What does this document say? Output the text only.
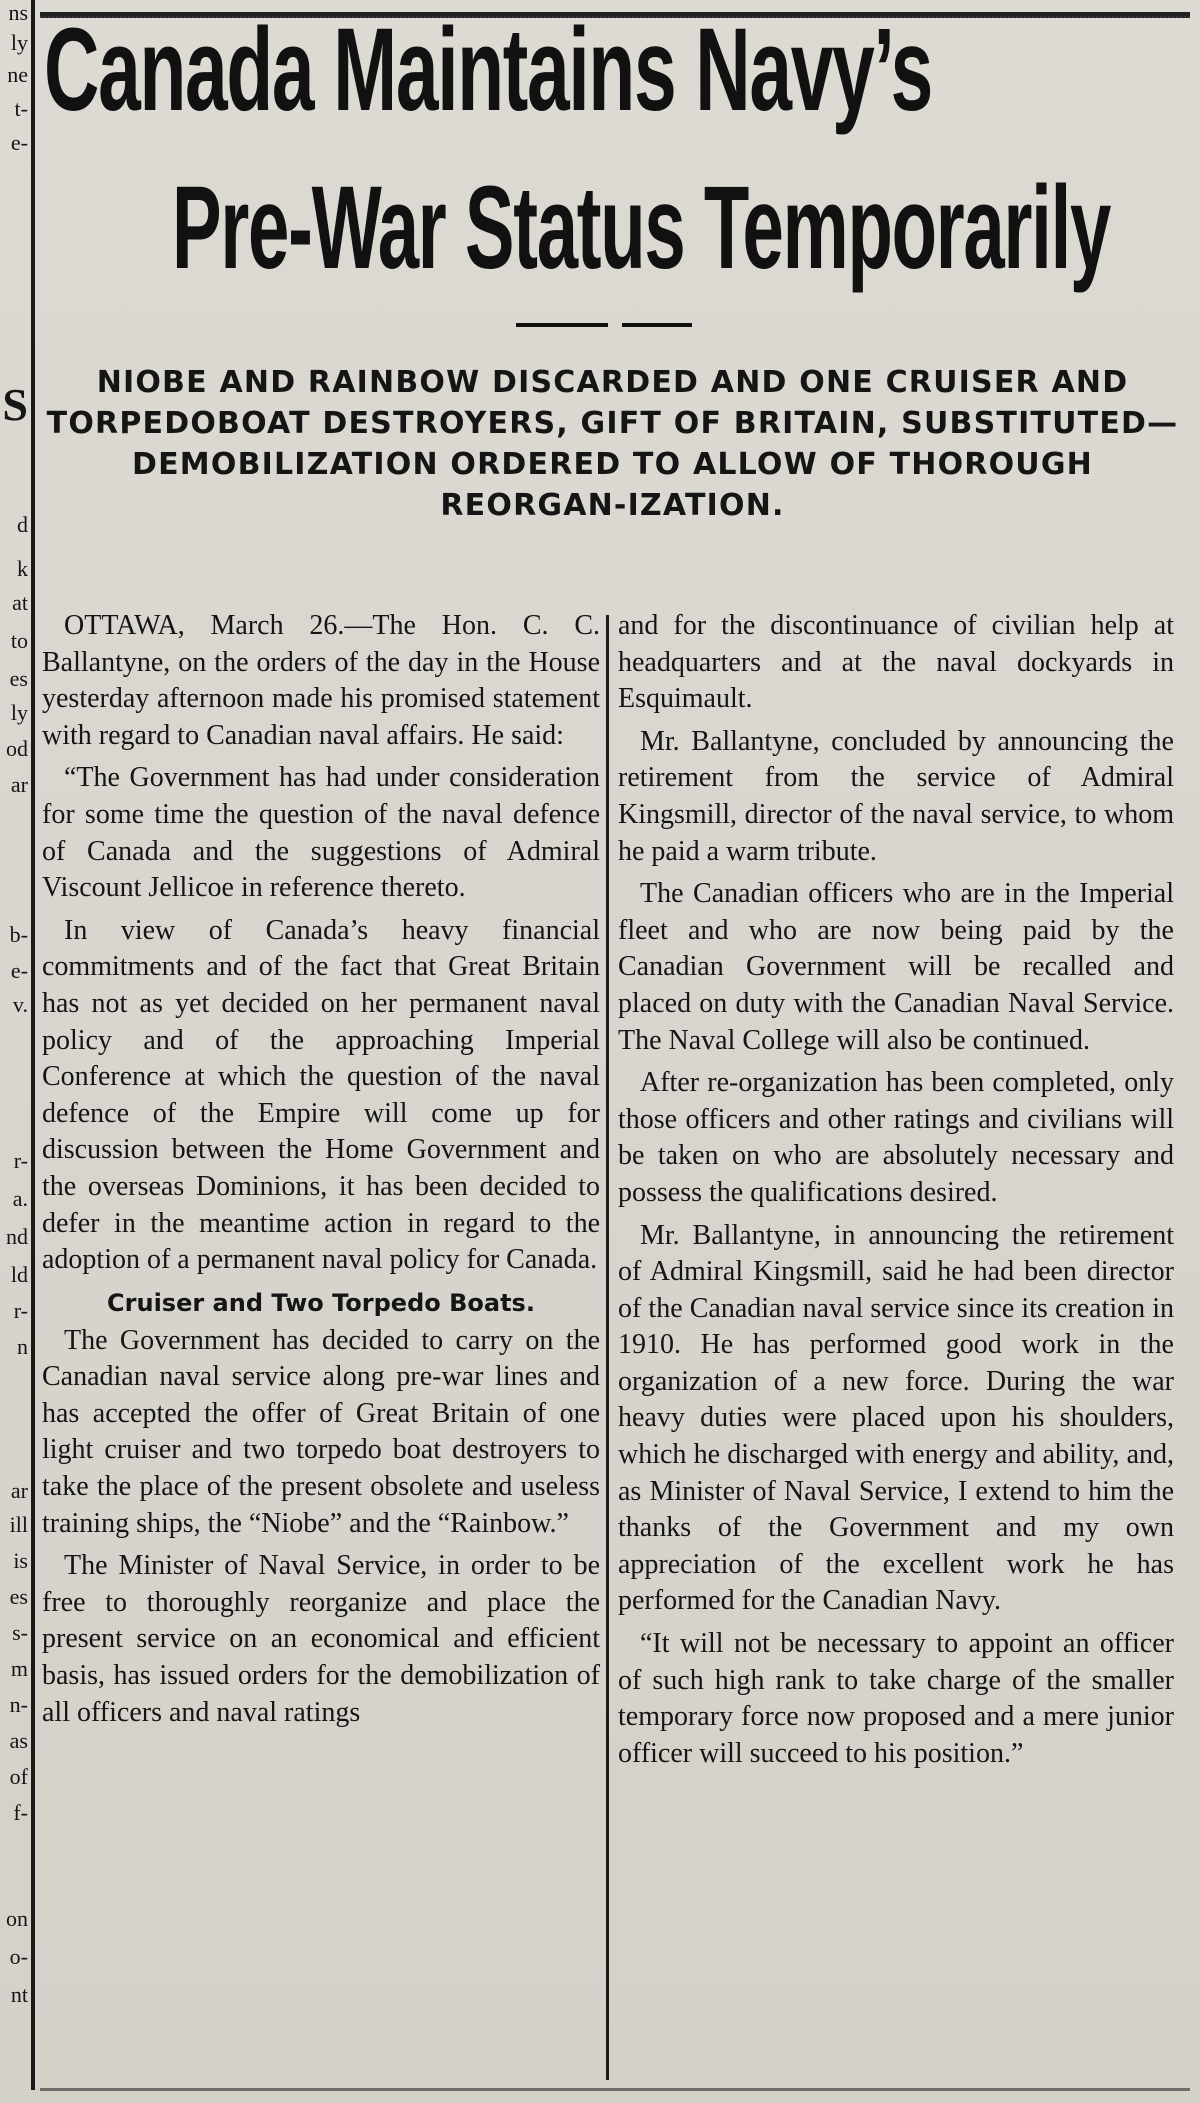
ns
ly
ne
t-
e-
S
d
k
at
to
es
ly
od
ar
b-
e-
v.
r-
a.
nd
ld
r-
n
ar
ill
is
es
s-
m
n-
as
of
f-
on
o-
nt
Canada Maintains Navy’s
Pre-War Status Temporarily

NIOBE AND RAINBOW DISCARDED AND ONE CRUISER AND TORPEDOBOAT DESTROYERS, GIFT OF BRITAIN, SUBSTITUTED—DEMOBILIZATION ORDERED TO ALLOW OF THOROUGH REORGAN-IZATION.

OTTAWA, March 26.—The Hon. C. C. Ballantyne, on the orders of the day in the House yesterday afternoon made his promised statement with regard to Canadian naval affairs. He said:

“The Government has had under consideration for some time the question of the naval defence of Canada and the suggestions of Admiral Viscount Jellicoe in reference thereto.

In view of Canada’s heavy financial commitments and of the fact that Great Britain has not as yet decided on her permanent naval policy and of the approaching Imperial Conference at which the question of the naval defence of the Empire will come up for discussion between the Home Government and the overseas Dominions, it has been decided to defer in the meantime action in regard to the adoption of a permanent naval policy for Canada.

Cruiser and Two Torpedo Boats.

The Government has decided to carry on the Canadian naval service along pre-war lines and has accepted the offer of Great Britain of one light cruiser and two torpedo boat destroyers to take the place of the present obsolete and useless training ships, the “Niobe” and the “Rainbow.”

The Minister of Naval Service, in order to be free to thoroughly reorganize and place the present service on an economical and efficient basis, has issued orders for the demobilization of all officers and naval ratings

and for the discontinuance of civilian help at headquarters and at the naval dockyards in Esquimault.

Mr. Ballantyne, concluded by announcing the retirement from the service of Admiral Kingsmill, director of the naval service, to whom he paid a warm tribute.

The Canadian officers who are in the Imperial fleet and who are now being paid by the Canadian Government will be recalled and placed on duty with the Canadian Naval Service. The Naval College will also be continued.

After re-organization has been completed, only those officers and other ratings and civilians will be taken on who are absolutely necessary and possess the qualifications desired.

Mr. Ballantyne, in announcing the retirement of Admiral Kingsmill, said he had been director of the Canadian naval service since its creation in 1910. He has performed good work in the organization of a new force. During the war heavy duties were placed upon his shoulders, which he discharged with energy and ability, and, as Minister of Naval Service, I extend to him the thanks of the Government and my own appreciation of the excellent work he has performed for the Canadian Navy.

“It will not be necessary to appoint an officer of such high rank to take charge of the smaller temporary force now proposed and a mere junior officer will succeed to his position.”
